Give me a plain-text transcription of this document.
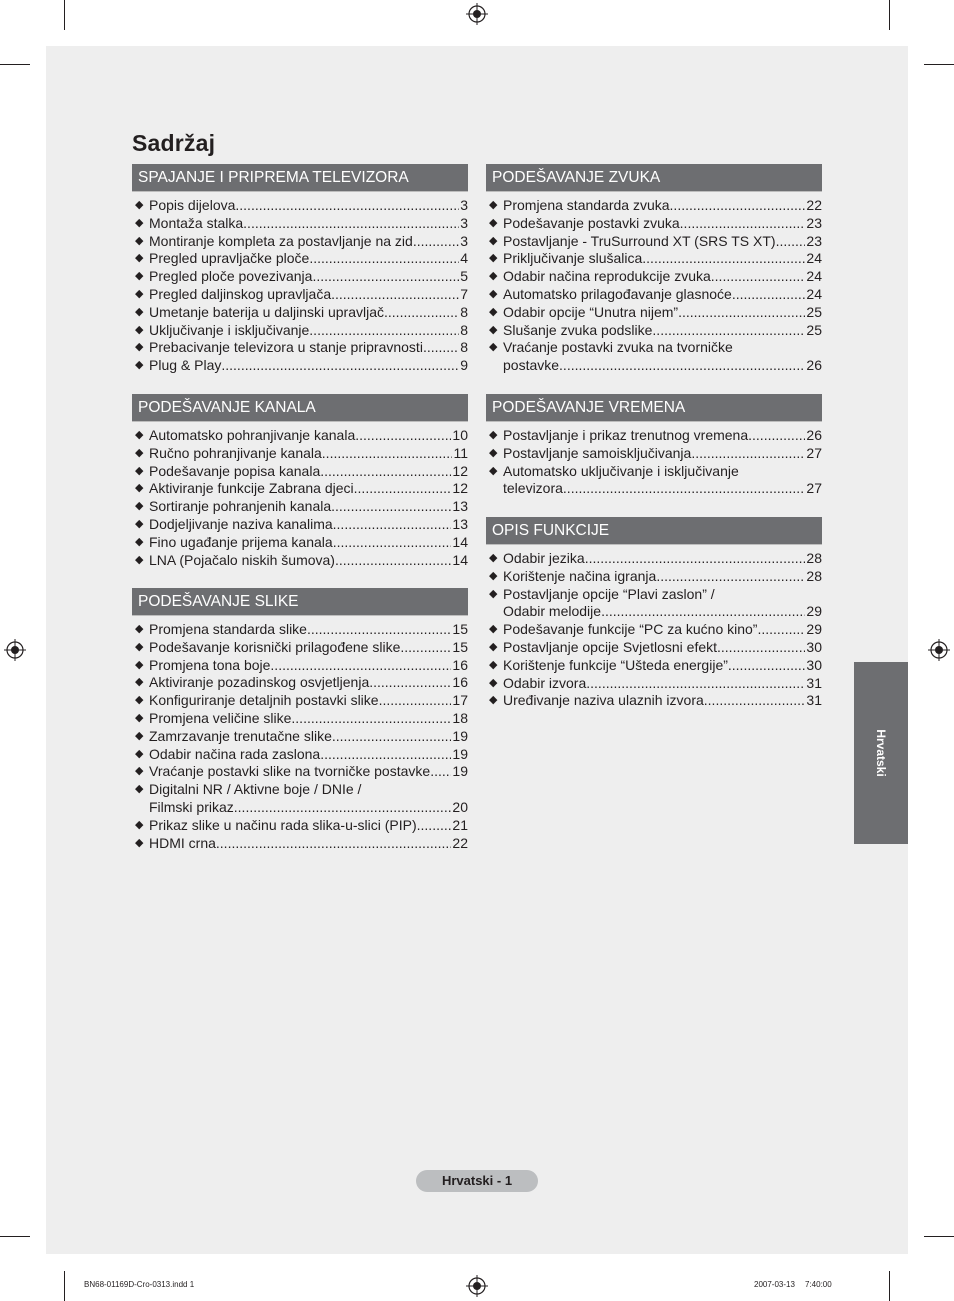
Sadržaj
SPAJANJE I PRIPREMA TELEVIZORA
◆ Popis dijelova .....	3
◆ Montaža stalka .....	3
◆ Montiranje kompleta za postavljanje na zid .....	3
◆ Pregled upravljačke ploče .....	4
◆ Pregled ploče povezivanja .....	5
◆ Pregled daljinskog upravljača .....	7
◆ Umetanje baterija u daljinski upravljač .....	8
◆ Uključivanje i isključivanje .....	8
◆ Prebacivanje televizora u stanje pripravnosti .....	8
◆ Plug & Play .....	9
PODEŠAVANJE KANALA
◆ Automatsko pohranjivanje kanala .....	10
◆ Ručno pohranjivanje kanala .....	11
◆ Podešavanje popisa kanala .....	12
◆ Aktiviranje funkcije Zabrana djeci .....	12
◆ Sortiranje pohranjenih kanala .....	13
◆ Dodjeljivanje naziva kanalima .....	13
◆ Fino ugađanje prijema kanala .....	14
◆ LNA (Pojačalo niskih šumova) .....	14
PODEŠAVANJE SLIKE
◆ Promjena standarda slike .....	15
◆ Podešavanje korisnički prilagođene slike .....	15
◆ Promjena tona boje .....	16
◆ Aktiviranje pozadinskog osvjetljenja .....	16
◆ Konfiguriranje detaljnih postavki slike .....	17
◆ Promjena veličine slike .....	18
◆ Zamrzavanje trenutačne slike .....	19
◆ Odabir načina rada zaslona .....	19
◆ Vraćanje postavki slike na tvorničke postavke ..... 19
◆ Digitalni NR / Aktivne boje / DNIe /
Filmski prikaz .....	20
◆ Prikaz slike u načinu rada slika-u-slici (PIP) .....	21
◆ HDMI crna .....	22
PODEŠAVANJE ZVUKA
◆ Promjena standarda zvuka .....	22
◆ Podešavanje postavki zvuka .....	23
◆ Postavljanje - TruSurround XT (SRS TS XT) ..... 23
◆ Priključivanje slušalica .....	24
◆ Odabir načina reprodukcije zvuka .....	24
◆ Automatsko prilagođavanje glasnoće .....	24
◆ Odabir opcije “Unutra nijem” .....	25
◆ Slušanje zvuka podslike .....	25
◆ Vraćanje postavki zvuka na tvorničke
postavke .....	26
PODEŠAVANJE VREMENA
◆ Postavljanje i prikaz trenutnog vremena .....	26
◆ Postavljanje samoisključivanja .....	27
◆ Automatsko uključivanje i isključivanje
televizora .....	27
OPIS FUNKCIJE
◆ Odabir jezika .....	28
◆ Korištenje načina igranja .....	28
◆ Postavljanje opcije “Plavi zaslon” /
Odabir melodije .....	29
◆ Podešavanje funkcije “PC za kućno kino” .....	29
◆ Postavljanje opcije Svjetlosni efekt .....	30
◆ Korištenje funkcije “Ušteda energije” .....	30
◆ Odabir izvora .....	31
◆ Uređivanje naziva ulaznih izvora .....	31
Hrvatski
Hrvatski - 1
BN68-01169D-Cro-0313.indd 1	2007-03-13 7:40:00
